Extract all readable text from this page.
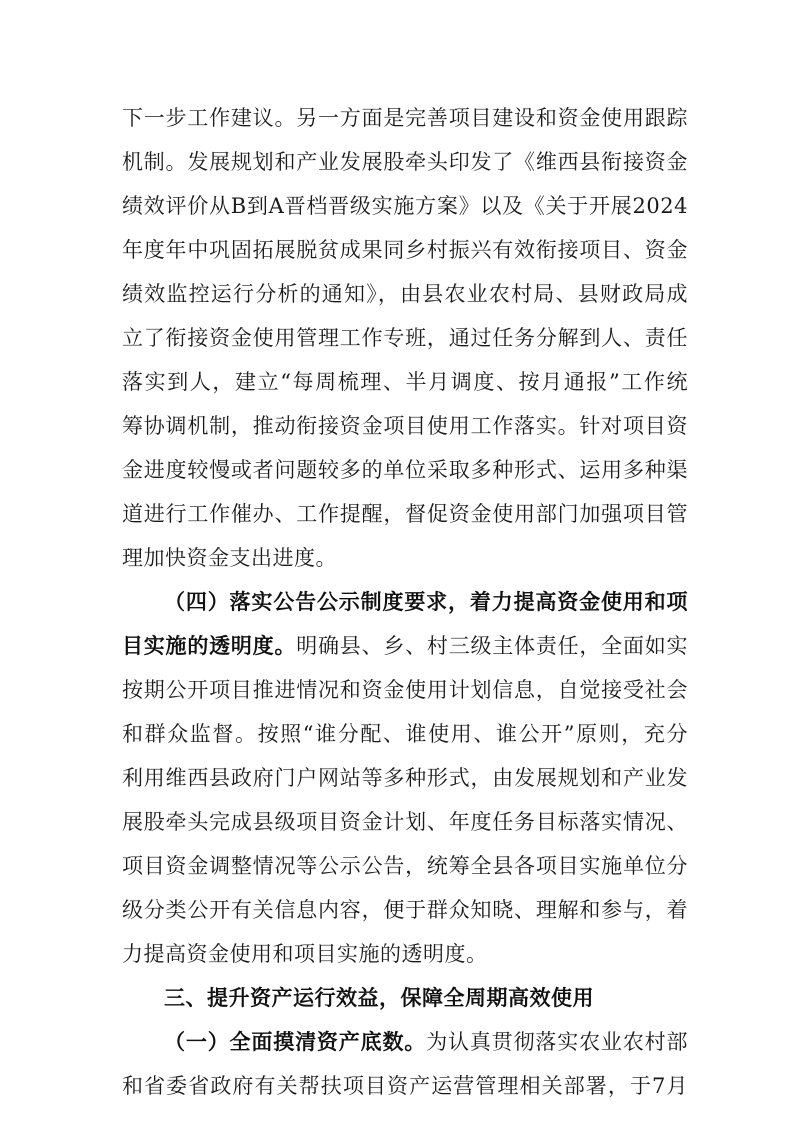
下一步工作建议。另一方面是完善项目建设和资金使用跟踪
机制。发展规划和产业发展股牵头印发了《维西县衔接资金
绩效评价从B到A晋档晋级实施方案》以及《关于开展2024
年度年中巩固拓展脱贫成果同乡村振兴有效衔接项目、资金
绩效监控运行分析的通知》，由县农业农村局、县财政局成
立了衔接资金使用管理工作专班，通过任务分解到人、责任
落实到人，建立“每周梳理、半月调度、按月通报”工作统
筹协调机制，推动衔接资金项目使用工作落实。针对项目资
金进度较慢或者问题较多的单位采取多种形式、运用多种渠
道进行工作催办、工作提醒，督促资金使用部门加强项目管
理加快资金支出进度。
（四）落实公告公示制度要求，着力提高资金使用和项
目实施的透明度。明确县、乡、村三级主体责任，全面如实
按期公开项目推进情况和资金使用计划信息，自觉接受社会
和群众监督。按照“谁分配、谁使用、谁公开”原则，充分
利用维西县政府门户网站等多种形式，由发展规划和产业发
展股牵头完成县级项目资金计划、年度任务目标落实情况、
项目资金调整情况等公示公告，统筹全县各项目实施单位分
级分类公开有关信息内容，便于群众知晓、理解和参与，着
力提高资金使用和项目实施的透明度。
三、提升资产运行效益，保障全周期高效使用
（一）全面摸清资产底数。为认真贯彻落实农业农村部
和省委省政府有关帮扶项目资产运营管理相关部署，于7月
